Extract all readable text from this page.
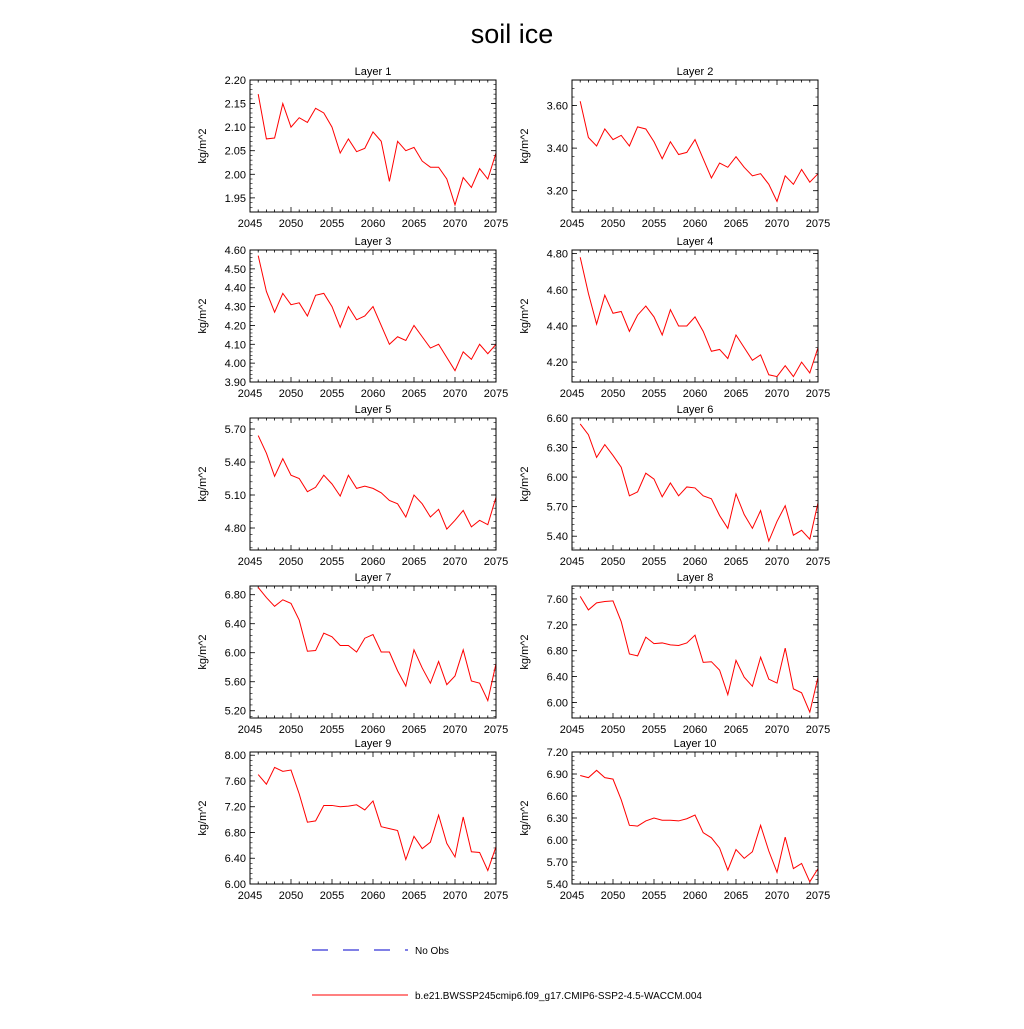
soil ice
Layer 1
kg/m^2
2045 2050 2055 2060 2065 2070 2075
1.95
2.00
2.05
2.10
2.15
2.20
Layer 2
kg/m^2
2045 2050 2055 2060 2065 2070 2075
3.20
3.40
3.60
Layer 3
kg/m^2
2045 2050 2055 2060 2065 2070 2075
3.90
4.00
4.10
4.20
4.30
4.40
4.50
4.60
Layer 4
kg/m^2
2045 2050 2055 2060 2065 2070 2075
4.20
4.40
4.60
4.80
Layer 5
kg/m^2
2045 2050 2055 2060 2065 2070 2075
4.80
5.10
5.40
5.70
Layer 6
kg/m^2
2045 2050 2055 2060 2065 2070 2075
5.40
5.70
6.00
6.30
6.60
Layer 7
kg/m^2
2045 2050 2055 2060 2065 2070 2075
5.20
5.60
6.00
6.40
6.80
Layer 8
kg/m^2
2045 2050 2055 2060 2065 2070 2075
6.00
6.40
6.80
7.20
7.60
Layer 9
kg/m^2
2045 2050 2055 2060 2065 2070 2075
6.00
6.40
6.80
7.20
7.60
8.00
Layer 10
kg/m^2
2045 2050 2055 2060 2065 2070 2075
5.40
5.70
6.00
6.30
6.60
6.90
7.20
No Obs
b.e21.BWSSP245cmip6.f09_g17.CMIP6-SSP2-4.5-WACCM.004
